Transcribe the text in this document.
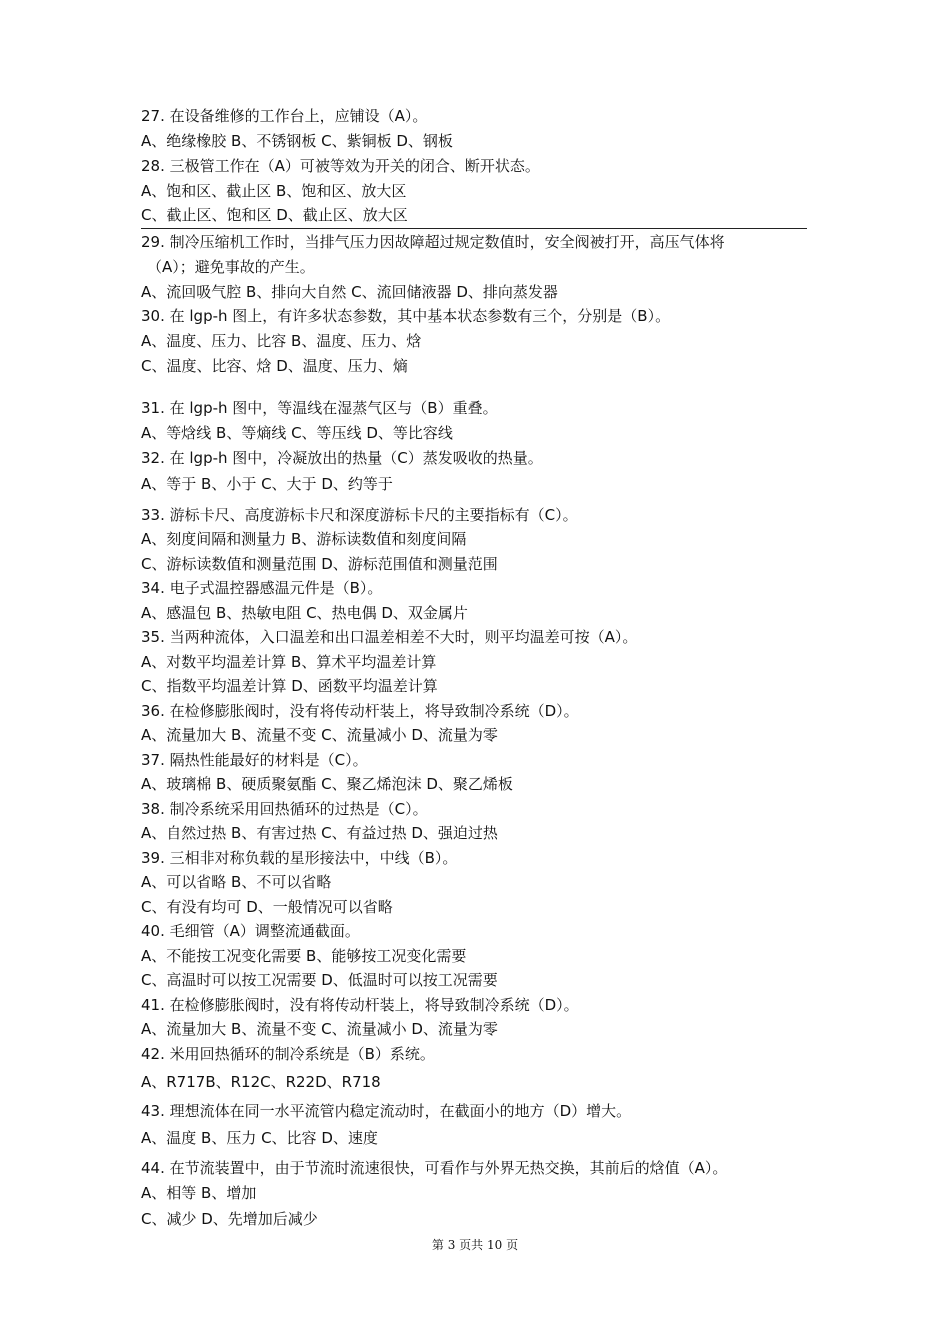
27. 在设备维修的工作台上，应铺设（A）。
A、绝缘橡胶 B、不锈钢板 C、紫铜板 D、钢板
28. 三极管工作在（A）可被等效为开关的闭合、断开状态。
A、饱和区、截止区 B、饱和区、放大区
C、截止区、饱和区 D、截止区、放大区
29. 制冷压缩机工作时，当排气压力因故障超过规定数值时，安全阀被打开，高压气体将
（A）；避免事故的产生。
A、流回吸气腔 B、排向大自然 C、流回储液器 D、排向蒸发器
30. 在 lgp-h 图上，有许多状态参数，其中基本状态参数有三个，分别是（B）。
A、温度、压力、比容 B、温度、压力、焓
C、温度、比容、焓 D、温度、压力、熵
31. 在 lgp-h 图中，等温线在湿蒸气区与（B）重叠。
A、等焓线 B、等熵线 C、等压线 D、等比容线
32. 在 lgp-h 图中，冷凝放出的热量（C）蒸发吸收的热量。
A、等于 B、小于 C、大于 D、约等于
33. 游标卡尺、高度游标卡尺和深度游标卡尺的主要指标有（C）。
A、刻度间隔和测量力 B、游标读数值和刻度间隔
C、游标读数值和测量范围 D、游标范围值和测量范围
34. 电子式温控器感温元件是（B）。
A、感温包 B、热敏电阻 C、热电偶 D、双金属片
35. 当两种流体，入口温差和出口温差相差不大时，则平均温差可按（A）。
A、对数平均温差计算 B、算术平均温差计算
C、指数平均温差计算 D、函数平均温差计算
36. 在检修膨胀阀时，没有将传动杆装上，将导致制冷系统（D）。
A、流量加大 B、流量不变 C、流量减小 D、流量为零
37. 隔热性能最好的材料是（C）。
A、玻璃棉 B、硬质聚氨酯 C、聚乙烯泡沫 D、聚乙烯板
38. 制冷系统采用回热循环的过热是（C）。
A、自然过热 B、有害过热 C、有益过热 D、强迫过热
39. 三相非对称负载的星形接法中，中线（B）。
A、可以省略 B、不可以省略
C、有没有均可 D、一般情况可以省略
40. 毛细管（A）调整流通截面。
A、不能按工况变化需要 B、能够按工况变化需要
C、高温时可以按工况需要 D、低温时可以按工况需要
41. 在检修膨胀阀时，没有将传动杆装上，将导致制冷系统（D）。
A、流量加大 B、流量不变 C、流量减小 D、流量为零
42. 米用回热循环的制冷系统是（B）系统。
A、R717B、R12C、R22D、R718
43. 理想流体在同一水平流管内稳定流动时，在截面小的地方（D）增大。
A、温度 B、压力 C、比容 D、速度
44. 在节流装置中，由于节流时流速很快，可看作与外界无热交换，其前后的焓值（A）。
A、相等 B、增加
C、减少 D、先增加后减少
第 3 页共 10 页
